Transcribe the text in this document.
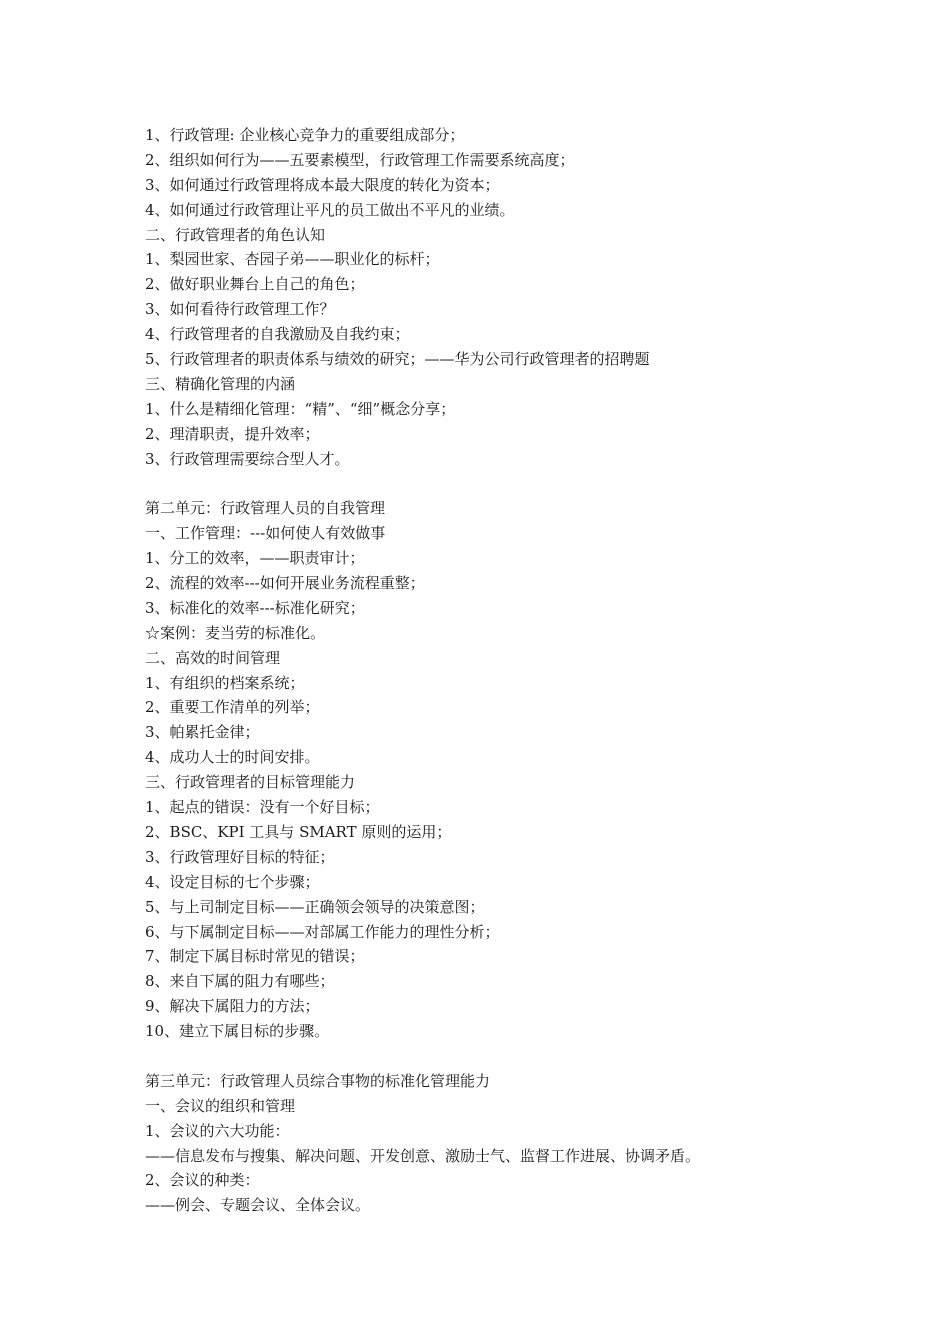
1、行政管理: 企业核心竞争力的重要组成部分；
2、组织如何行为——五要素模型，行政管理工作需要系统高度；
3、如何通过行政管理将成本最大限度的转化为资本；
4、如何通过行政管理让平凡的员工做出不平凡的业绩。
二、行政管理者的角色认知
1、梨园世家、杏园子弟——职业化的标杆；
2、做好职业舞台上自己的角色；
3、如何看待行政管理工作？
4、行政管理者的自我激励及自我约束；
5、行政管理者的职责体系与绩效的研究；——华为公司行政管理者的招聘题
三、精确化管理的内涵
1、什么是精细化管理：“精”、“细”概念分享；
2、理清职责，提升效率；
3、行政管理需要综合型人才。
第二单元：行政管理人员的自我管理
一、工作管理：---如何使人有效做事
1、分工的效率，——职责审计；
2、流程的效率---如何开展业务流程重整；
3、标准化的效率---标准化研究；
☆案例：麦当劳的标准化。
二、高效的时间管理
1、有组织的档案系统；
2、重要工作清单的列举；
3、帕累托金律；
4、成功人士的时间安排。
三、行政管理者的目标管理能力
1、起点的错误：没有一个好目标；
2、BSC、KPI 工具与 SMART 原则的运用；
3、行政管理好目标的特征；
4、设定目标的七个步骤；
5、与上司制定目标——正确领会领导的决策意图；
6、与下属制定目标——对部属工作能力的理性分析；
7、制定下属目标时常见的错误；
8、来自下属的阻力有哪些；
9、解决下属阻力的方法；
10、建立下属目标的步骤。
第三单元：行政管理人员综合事物的标准化管理能力
一、会议的组织和管理
1、会议的六大功能：
——信息发布与搜集、解决问题、开发创意、激励士气、监督工作进展、协调矛盾。
2、会议的种类：
——例会、专题会议、全体会议。
